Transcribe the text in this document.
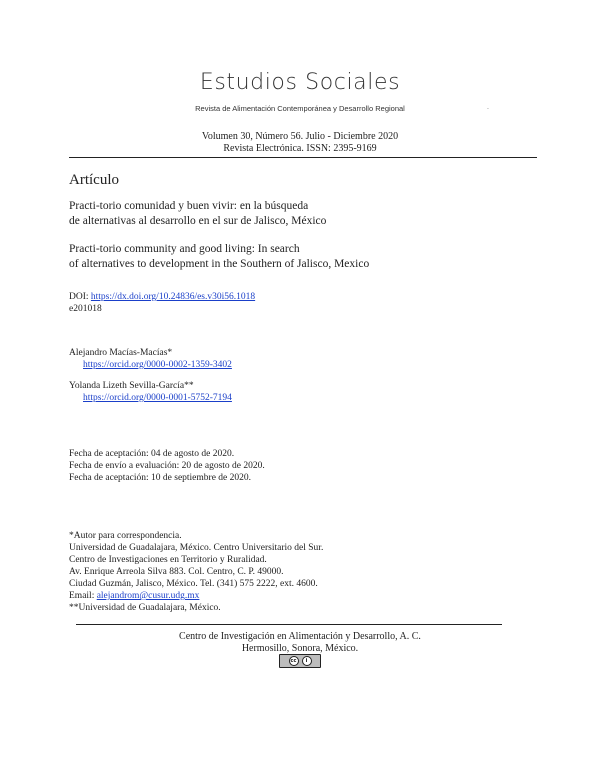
Estudios Sociales
Revista de Alimentación Contemporánea y Desarrollo Regional	.
Volumen 30, Número 56. Julio - Diciembre 2020
Revista Electrónica. ISSN: 2395-9169
Artículo
Practi-torio comunidad y buen vivir: en la búsqueda
de alternativas al desarrollo en el sur de Jalisco, México
Practi-torio community and good living: In search
of alternatives to development in the Southern of Jalisco, Mexico
DOI: https://dx.doi.org/10.24836/es.v30i56.1018
e201018
Alejandro Macías-Macías*
https://orcid.org/0000-0002-1359-3402
Yolanda Lizeth Sevilla-García**
https://orcid.org/0000-0001-5752-7194
Fecha de aceptación: 04 de agosto de 2020.
Fecha de envío a evaluación: 20 de agosto de 2020.
Fecha de aceptación: 10 de septiembre de 2020.
*Autor para correspondencia.
Universidad de Guadalajara, México. Centro Universitario del Sur.
Centro de Investigaciones en Territorio y Ruralidad.
Av. Enrique Arreola Silva 883. Col. Centro, C. P. 49000.
Ciudad Guzmán, Jalisco, México. Tel. (341) 575 2222, ext. 4600.
Email: alejandrom@cusur.udg.mx
**Universidad de Guadalajara, México.
Centro de Investigación en Alimentación y Desarrollo, A. C.
Hermosillo, Sonora, México.
cc	i
